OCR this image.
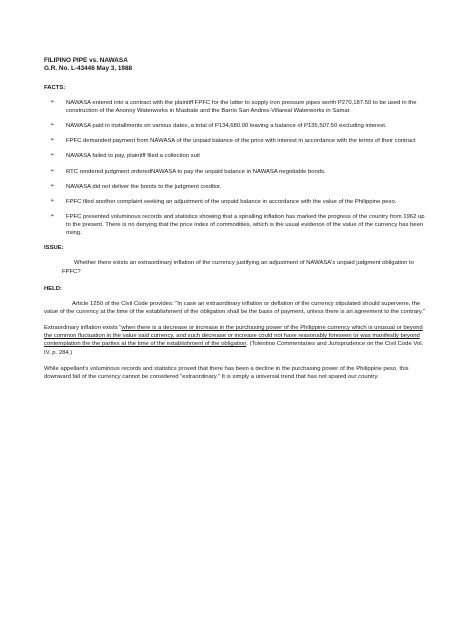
FILIPINO PIPE vs. NAWASA

G.R. No. L-43446 May 3, 1988

FACTS:

➢ NAWASA entered into a contract with the plaintiff FPFC for the latter to supply iron pressure pipes worth P270,187.50 to be used in the construction of the Anonoy Waterworks in Masbate and the Barrio San Andres-Villareal Waterworks in Samar.
➢ NAWASA paid in installments on various dates, a total of P134,680.00 leaving a balance of P135,507.50 excluding interest.
➢ FPFC demanded payment from NAWASA of the unpaid balance of the price with interest in accordance with the terms of their contract
➢ NAWASA failed to pay, plaintiff filed a collection suit
➢ RTC rendered judgment orderedNAWASA to pay the unpaid balance in NAWASA negotiable bonds.
➢ NAWASA did not deliver the bonds to the judgment creditor.
➢ FPFC filed another complaint seeking an adjustment of the unpaid balance in accordance with the value of the Philippine peso.
➢ FPFC presented voluminous records and statistics showing that a spiralling inflation has marked the progress of the country from 1962 up to the present. There is no denying that the price index of commodities, which is the usual evidence of the value of the currency has been rising.

ISSUE:

Whether there exists an extraordinary inflation of the currency justifying an adjustment of NAWASA's unpaid judgment obligation to FPFC?

HELD:

Article 1250 of the Civil Code provides: "In case an extraordinary inflation or deflation of the currency stipulated should supervene, the value of the currency at the time of the establishment of the obligation shall be the basis of payment, unless there is an agreement to the contrary."

Extraordinary inflation exists "when there is a decrease or increase in the purchasing power of the Philippine currency which is unusual or beyond the common fluctuation in the value said currency, and such decrease or increase could not have reasonably foreseen or was manifestly beyond contemplation the the parties at the time of the establishment of the obligation. (Tolentino Commentaries and Jurisprudence on the Civil Code Vol. IV, p. 284.)

While appellant's voluminous records and statistics proved that there has been a decline in the purchasing power of the Philippine peso, this downward fall of the currency cannot be considered "extraordinary." It is simply a universal trend that has not spared our country.
